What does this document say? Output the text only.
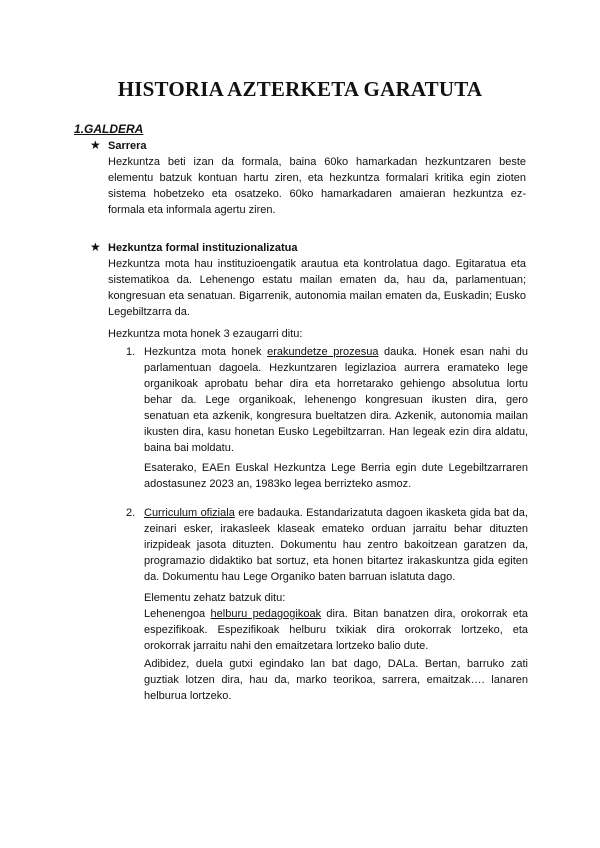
HISTORIA AZTERKETA GARATUTA
1.GALDERA
★ Sarrera

Hezkuntza beti izan da formala, baina 60ko hamarkadan hezkuntzaren beste elementu batzuk kontuan hartu ziren, eta hezkuntza formalari kritika egin zioten sistema hobetzeko eta osatzeko. 60ko hamarkadaren amaieran hezkuntza ez-formala eta informala agertu ziren.

★ Hezkuntza formal instituzionalizatua

Hezkuntza mota hau instituzioengatik arautua eta kontrolatua dago. Egitaratua eta sistematikoa da. Lehenengo estatu mailan ematen da, hau da, parlamentuan; kongresuan eta senatuan. Bigarrenik, autonomia mailan ematen da, Euskadin; Eusko Legebiltzarra da.

Hezkuntza mota honek 3 ezaugarri ditu:

1. Hezkuntza mota honek erakundetze prozesua dauka. Honek esan nahi du parlamentuan dagoela. Hezkuntzaren legizlazioa aurrera eramateko lege organikoak aprobatu behar dira eta horretarako gehiengo absolutua lortu behar da. Lege organikoak, lehenengo kongresuan ikusten dira, gero senatuan eta azkenik, kongresura bueltatzen dira. Azkenik, autonomia mailan ikusten dira, kasu honetan Eusko Legebiltzarran. Han legeak ezin dira aldatu, baina bai moldatu.

Esaterako, EAEn Euskal Hezkuntza Lege Berria egin dute Legebiltzarraren adostasunez 2023 an, 1983ko legea berrizteko asmoz.

2. Curriculum ofiziala ere badauka. Estandarizatuta dagoen ikasketa gida bat da, zeinari esker, irakasleek klaseak emateko orduan jarraitu behar dituzten irizpideak jasota dituzten. Dokumentu hau zentro bakoitzean garatzen da, programazio didaktiko bat sortuz, eta honen bitartez irakaskuntza gida egiten da. Dokumentu hau Lege Organiko baten barruan islatuta dago.

Elementu zehatz batzuk ditu:

Lehenengoa helburu pedagogikoak dira. Bitan banatzen dira, orokorrak eta espezifikoak. Espezifikoak helburu txikiak dira orokorrak lortzeko, eta orokorrak jarraitu nahi den emaitzetara lortzeko balio dute.

Adibidez, duela gutxi egindako lan bat dago, DALa. Bertan, barruko zati guztiak lotzen dira, hau da, marko teorikoa, sarrera, emaitzak…. lanaren helburua lortzeko.
